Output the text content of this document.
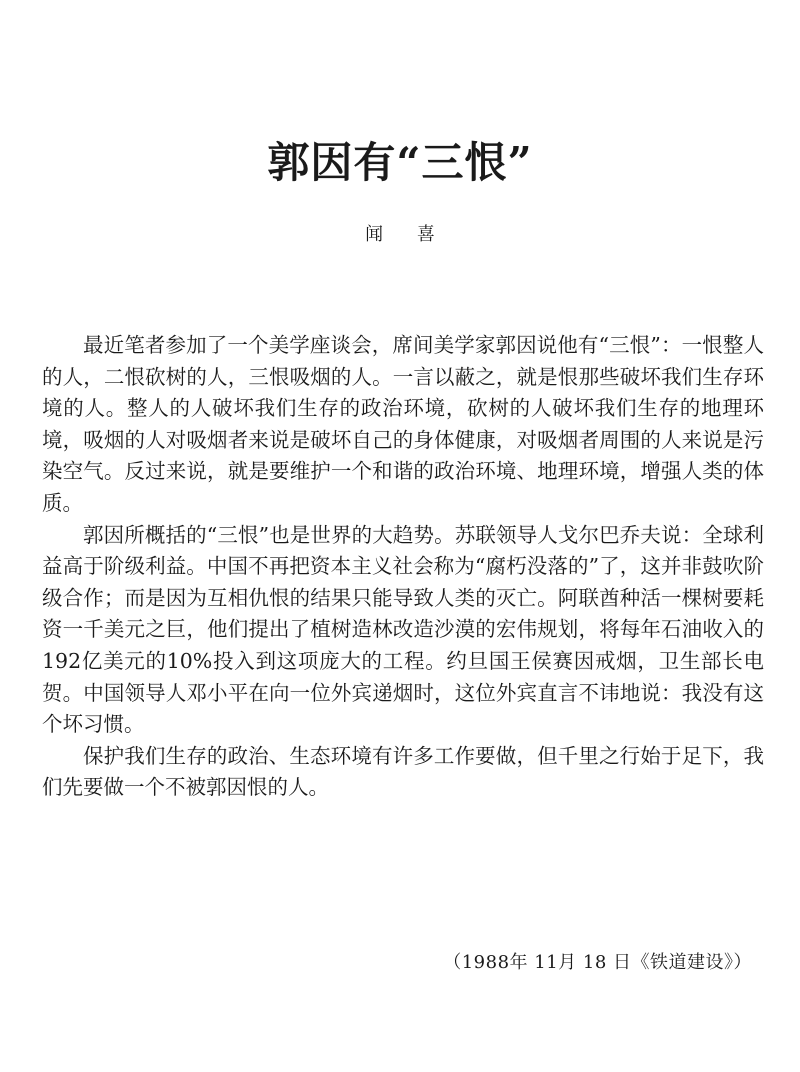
郭因有“三恨”
闻 喜

最近笔者参加了一个美学座谈会，席间美学家郭因说他有“三恨”：一恨整人的人，二恨砍树的人，三恨吸烟的人。一言以蔽之，就是恨那些破坏我们生存环境的人。整人的人破坏我们生存的政治环境，砍树的人破坏我们生存的地理环境，吸烟的人对吸烟者来说是破坏自己的身体健康，对吸烟者周围的人来说是污染空气。反过来说，就是要维护一个和谐的政治环境、地理环境，增强人类的体质。

郭因所概括的“三恨”也是世界的大趋势。苏联领导人戈尔巴乔夫说：全球利益高于阶级利益。中国不再把资本主义社会称为“腐朽没落的”了，这并非鼓吹阶级合作；而是因为互相仇恨的结果只能导致人类的灭亡。阿联酋种活一棵树要耗资一千美元之巨，他们提出了植树造林改造沙漠的宏伟规划，将每年石油收入的192亿美元的10%投入到这项庞大的工程。约旦国王侯赛因戒烟，卫生部长电贺。中国领导人邓小平在向一位外宾递烟时，这位外宾直言不讳地说：我没有这个坏习惯。

保护我们生存的政治、生态环境有许多工作要做，但千里之行始于足下，我们先要做一个不被郭因恨的人。

（1988年 11月 18 日《铁道建设》）
